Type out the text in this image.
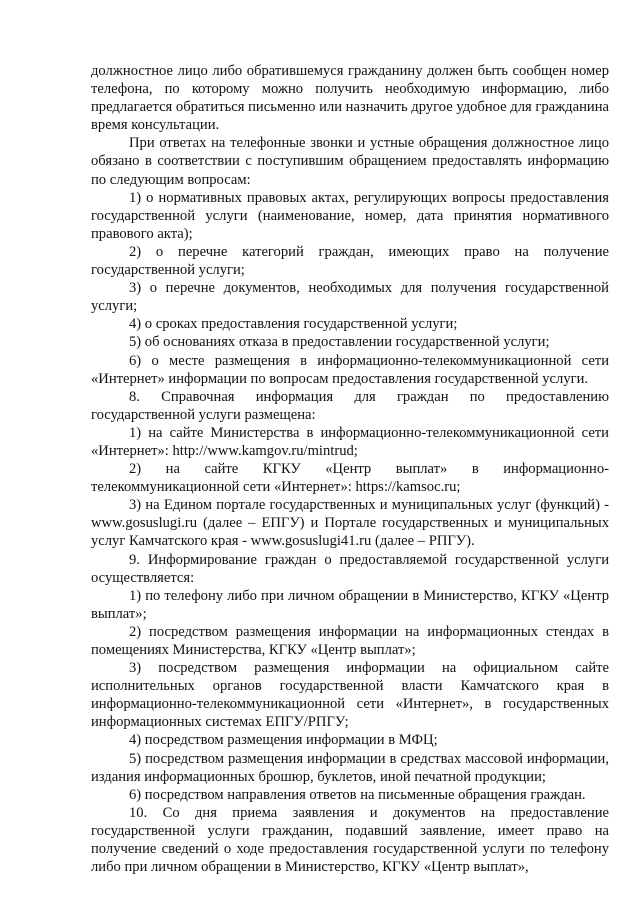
должностное лицо либо обратившемуся гражданину должен быть сообщен номер телефона, по которому можно получить необходимую информацию, либо предлагается обратиться письменно или назначить другое удобное для гражданина время консультации.

При ответах на телефонные звонки и устные обращения должностное лицо обязано в соответствии с поступившим обращением предоставлять информацию по следующим вопросам:

1) о нормативных правовых актах, регулирующих вопросы предоставления государственной услуги (наименование, номер, дата принятия нормативного правового акта);

2) о перечне категорий граждан, имеющих право на получение государственной услуги;

3) о перечне документов, необходимых для получения государственной услуги;

4) о сроках предоставления государственной услуги;

5) об основаниях отказа в предоставлении государственной услуги;

6) о месте размещения в информационно-телекоммуникационной сети «Интернет» информации по вопросам предоставления государственной услуги.

8. Справочная информация для граждан по предоставлению государственной услуги размещена:

1) на сайте Министерства в информационно-телекоммуникационной сети «Интернет»: http://www.kamgov.ru/mintrud;

2) на сайте КГКУ «Центр выплат» в информационно-телекоммуникационной сети «Интернет»: https://kamsoc.ru;

3) на Едином портале государственных и муниципальных услуг (функций) - www.gosuslugi.ru (далее – ЕПГУ) и Портале государственных и муниципальных услуг Камчатского края - www.gosuslugi41.ru (далее – РПГУ).

9. Информирование граждан о предоставляемой государственной услуги осуществляется:

1) по телефону либо при личном обращении в Министерство, КГКУ «Центр выплат»;

2) посредством размещения информации на информационных стендах в помещениях Министерства, КГКУ «Центр выплат»;

3) посредством размещения информации на официальном сайте исполнительных органов государственной власти Камчатского края в информационно-телекоммуникационной сети «Интернет», в государственных информационных системах ЕПГУ/РПГУ;

4) посредством размещения информации в МФЦ;

5) посредством размещения информации в средствах массовой информации, издания информационных брошюр, буклетов, иной печатной продукции;

6) посредством направления ответов на письменные обращения граждан.

10. Со дня приема заявления и документов на предоставление государственной услуги гражданин, подавший заявление, имеет право на получение сведений о ходе предоставления государственной услуги по телефону либо при личном обращении в Министерство, КГКУ «Центр выплат»,
